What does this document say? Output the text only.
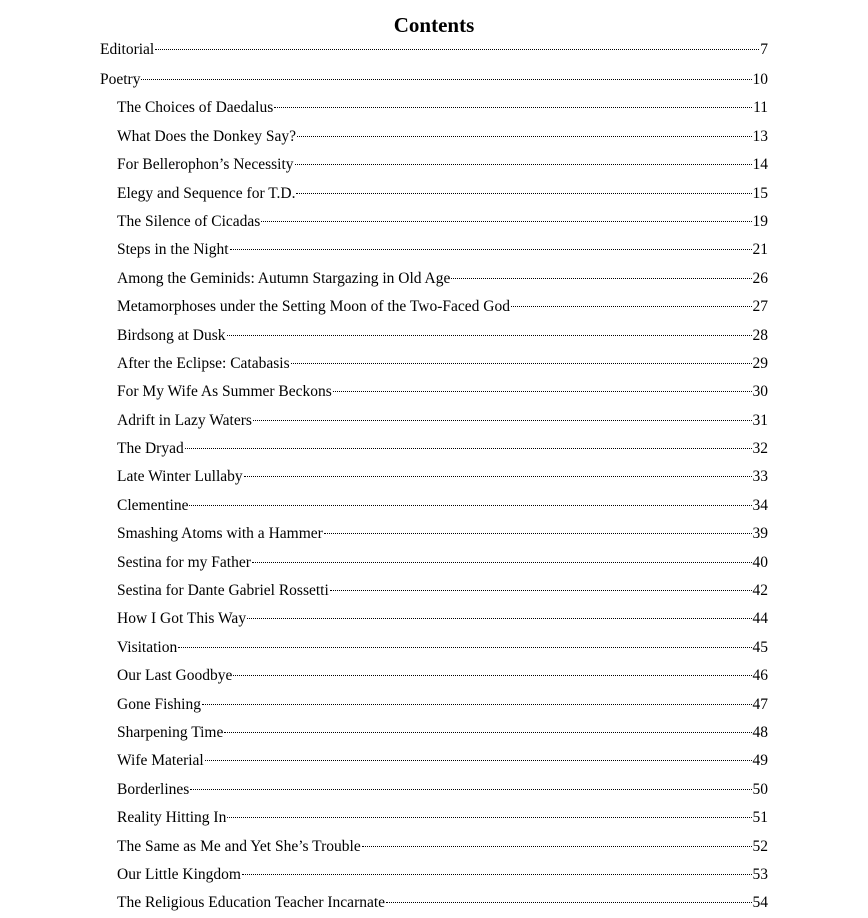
Contents
Editorial	7
Poetry	10
The Choices of Daedalus	11
What Does the Donkey Say?	13
For Bellerophon’s Necessity	14
Elegy and Sequence for T.D.	15
The Silence of Cicadas	19
Steps in the Night	21
Among the Geminids: Autumn Stargazing in Old Age	26
Metamorphoses under the Setting Moon of the Two-Faced God	27
Birdsong at Dusk	28
After the Eclipse: Catabasis	29
For My Wife As Summer Beckons	30
Adrift in Lazy Waters	31
The Dryad	32
Late Winter Lullaby	33
Clementine	34
Smashing Atoms with a Hammer	39
Sestina for my Father	40
Sestina for Dante Gabriel Rossetti	42
How I Got This Way	44
Visitation	45
Our Last Goodbye	46
Gone Fishing	47
Sharpening Time	48
Wife Material	49
Borderlines	50
Reality Hitting In	51
The Same as Me and Yet She’s Trouble	52
Our Little Kingdom	53
The Religious Education Teacher Incarnate	54
